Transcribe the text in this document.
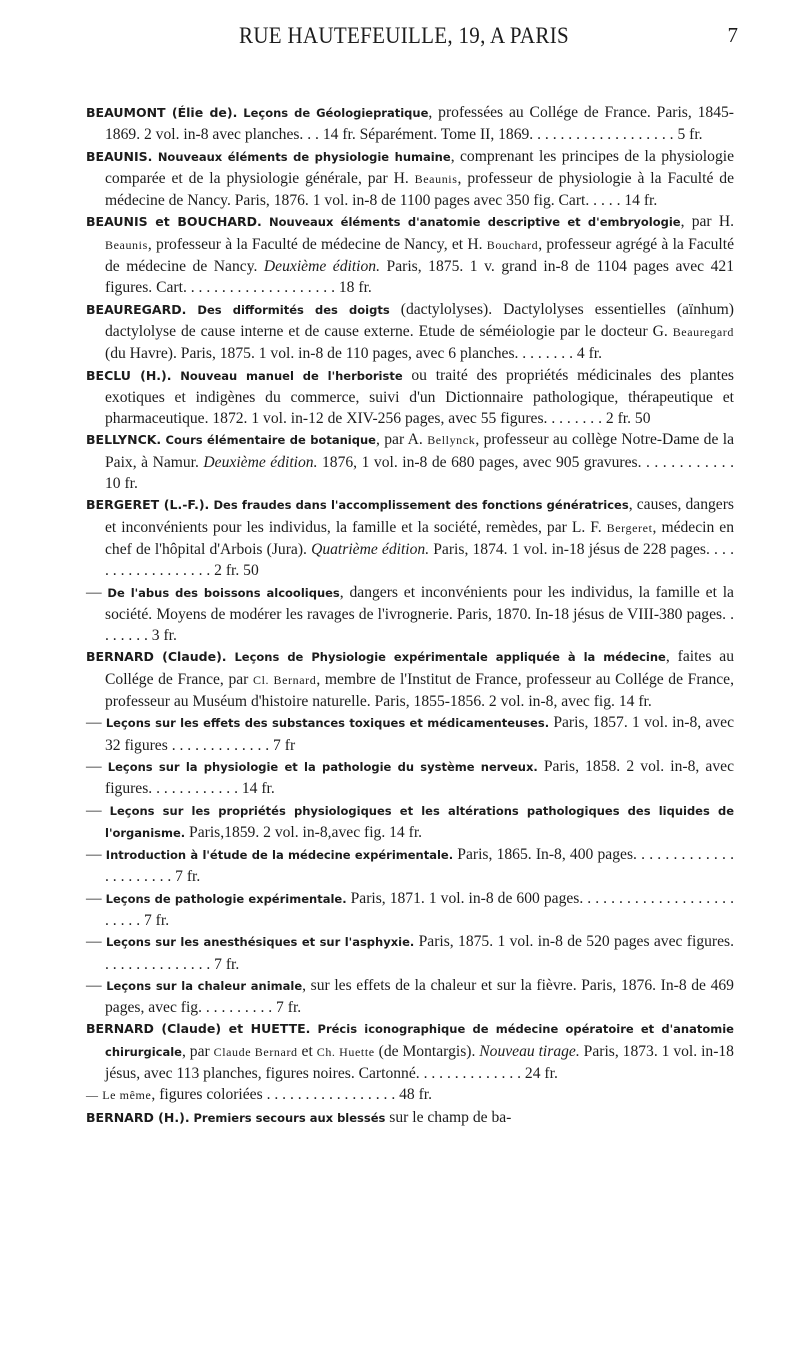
RUE HAUTEFEUILLE, 19, A PARIS	7

BEAUMONT (Élie de). Leçons de Géologiepratique, professées au Collége de France. Paris, 1845-1869. 2 vol. in-8 avec planches. . . 14 fr. Séparément. Tome II, 1869. . . . . . . . . . . . . . . . . . . 5 fr.

BEAUNIS. Nouveaux éléments de physiologie humaine, comprenant les principes de la physiologie comparée et de la physiologie générale, par H. Beaunis, professeur de physiologie à la Faculté de médecine de Nancy. Paris, 1876. 1 vol. in-8 de 1100 pages avec 350 fig. Cart. . . . . 14 fr.

BEAUNIS et BOUCHARD. Nouveaux éléments d'anatomie descriptive et d'embryologie, par H. Beaunis, professeur à la Faculté de médecine de Nancy, et H. Bouchard, professeur agrégé à la Faculté de médecine de Nancy. Deuxième édition. Paris, 1875. 1 v. grand in-8 de 1104 pages avec 421 figures. Cart. . . . . . . . . . . . . . . . . . . . 18 fr.

BEAUREGARD. Des difformités des doigts (dactylolyses). Dactylolyses essentielles (aïnhum) dactylolyse de cause interne et de cause externe. Etude de séméiologie par le docteur G. Beauregard (du Havre). Paris, 1875. 1 vol. in-8 de 110 pages, avec 6 planches. . . . . . . . 4 fr.

BECLU (H.). Nouveau manuel de l'herboriste ou traité des propriétés médicinales des plantes exotiques et indigènes du commerce, suivi d'un Dictionnaire pathologique, thérapeutique et pharmaceutique. 1872. 1 vol. in-12 de XIV-256 pages, avec 55 figures. . . . . . . . 2 fr. 50

BELLYNCK. Cours élémentaire de botanique, par A. Bellynck, professeur au collège Notre-Dame de la Paix, à Namur. Deuxième édition. 1876, 1 vol. in-8 de 680 pages, avec 905 gravures. . . . . . . . . . . . 10 fr.

BERGERET (L.-F.). Des fraudes dans l'accomplissement des fonctions génératrices, causes, dangers et inconvénients pour les individus, la famille et la société, remèdes, par L. F. Bergeret, médecin en chef de l'hôpital d'Arbois (Jura). Quatrième édition. Paris, 1874. 1 vol. in-18 jésus de 228 pages. . . . . . . . . . . . . . . . . . 2 fr. 50

— De l'abus des boissons alcooliques, dangers et inconvénients pour les individus, la famille et la société. Moyens de modérer les ravages de l'ivrognerie. Paris, 1870. In-18 jésus de VIII-380 pages. . . . . . . . 3 fr.

BERNARD (Claude). Leçons de Physiologie expérimentale appliquée à la médecine, faites au Collége de France, par Cl. Bernard, membre de l'Institut de France, professeur au Collége de France, professeur au Muséum d'histoire naturelle. Paris, 1855-1856. 2 vol. in-8, avec fig. 14 fr.

— Leçons sur les effets des substances toxiques et médicamenteuses. Paris, 1857. 1 vol. in-8, avec 32 figures . . . . . . . . . . . . . 7 fr

— Leçons sur la physiologie et la pathologie du système nerveux. Paris, 1858. 2 vol. in-8, avec figures. . . . . . . . . . . . 14 fr.

— Leçons sur les propriétés physiologiques et les altérations pathologiques des liquides de l'organisme. Paris,1859. 2 vol. in-8,avec fig. 14 fr.

— Introduction à l'étude de la médecine expérimentale. Paris, 1865. In-8, 400 pages. . . . . . . . . . . . . . . . . . . . . . 7 fr.

— Leçons de pathologie expérimentale. Paris, 1871. 1 vol. in-8 de 600 pages. . . . . . . . . . . . . . . . . . . . . . . . . 7 fr.

— Leçons sur les anesthésiques et sur l'asphyxie. Paris, 1875. 1 vol. in-8 de 520 pages avec figures. . . . . . . . . . . . . . . 7 fr.

— Leçons sur la chaleur animale, sur les effets de la chaleur et sur la fièvre. Paris, 1876. In-8 de 469 pages, avec fig. . . . . . . . . . 7 fr.

BERNARD (Claude) et HUETTE. Précis iconographique de médecine opératoire et d'anatomie chirurgicale, par Claude Bernard et Ch. Huette (de Montargis). Nouveau tirage. Paris, 1873. 1 vol. in-18 jésus, avec 113 planches, figures noires. Cartonné. . . . . . . . . . . . . . 24 fr.

— Le même, figures coloriées . . . . . . . . . . . . . . . . . 48 fr.

BERNARD (H.). Premiers secours aux blessés sur le champ de ba-
